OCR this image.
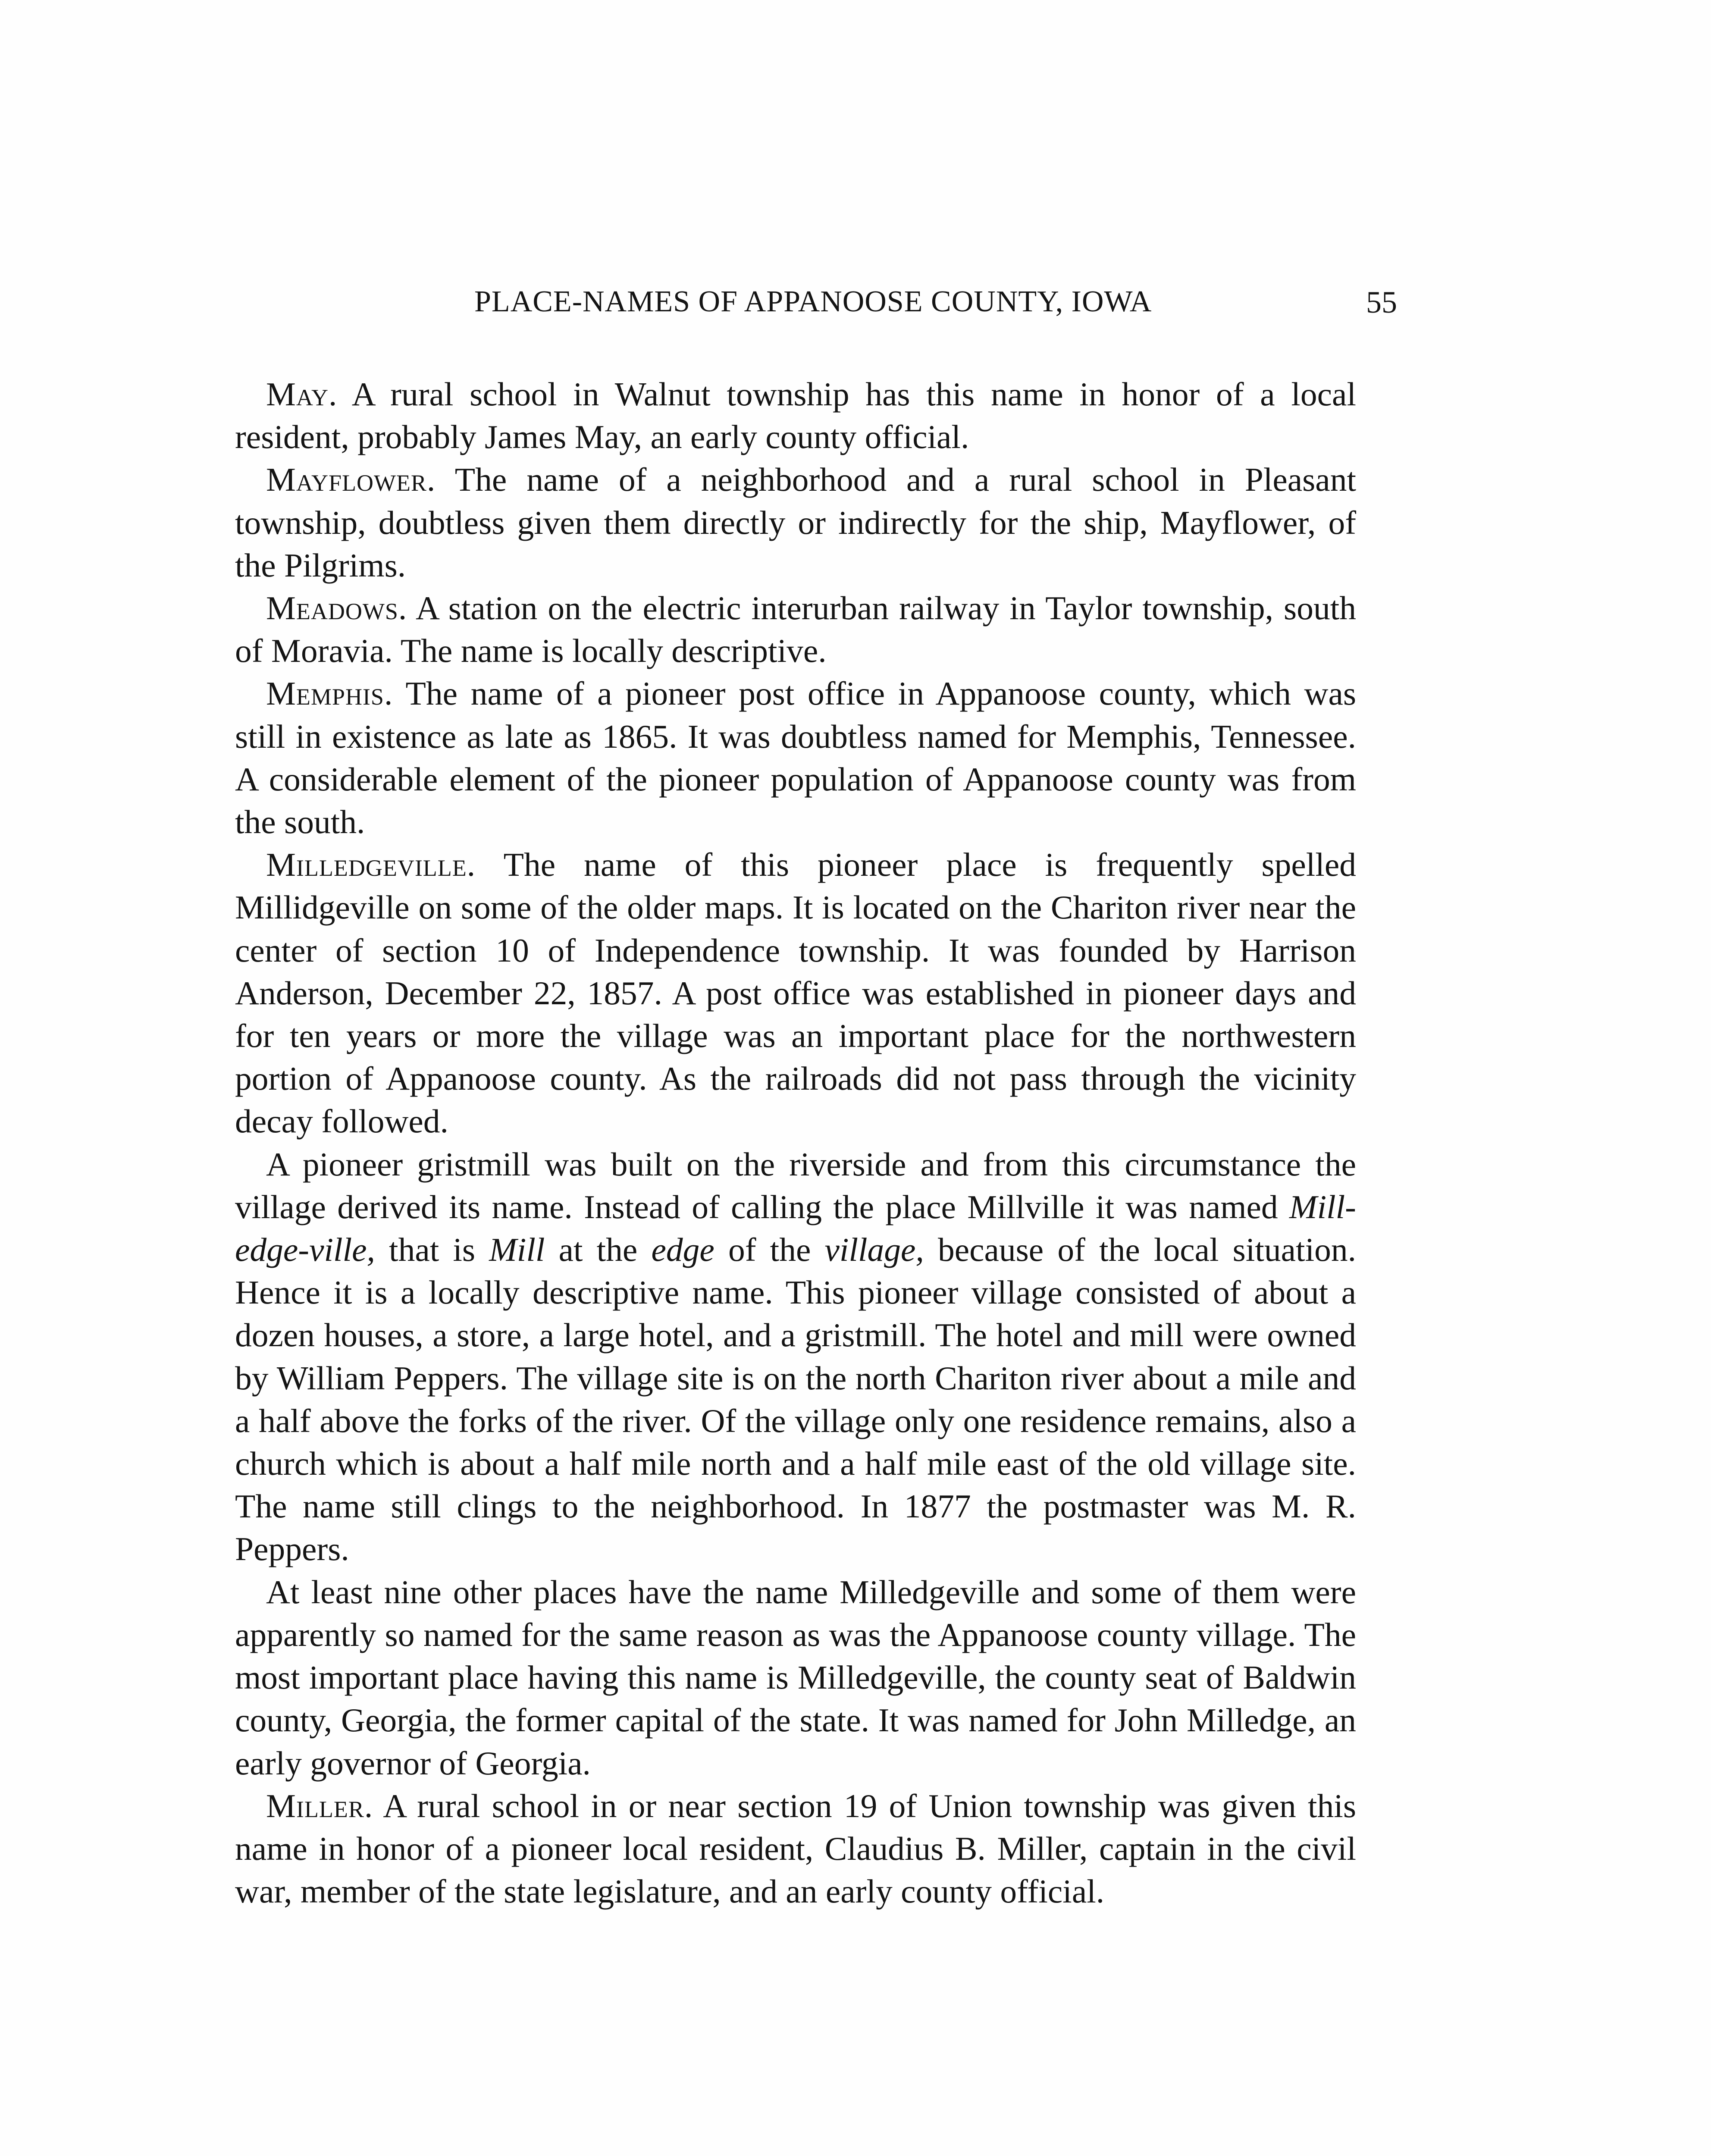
PLACE-NAMES OF APPANOOSE COUNTY, IOWA	55

May. A rural school in Walnut township has this name in honor of a local resident, probably James May, an early county official.

Mayflower. The name of a neighborhood and a rural school in Pleasant township, doubtless given them directly or indirectly for the ship, Mayflower, of the Pilgrims.

Meadows. A station on the electric interurban railway in Taylor township, south of Moravia. The name is locally descriptive.

Memphis. The name of a pioneer post office in Appanoose county, which was still in existence as late as 1865. It was doubtless named for Memphis, Tennessee. A considerable element of the pioneer population of Appanoose county was from the south.

Milledgeville. The name of this pioneer place is frequently spelled Millidgeville on some of the older maps. It is located on the Chariton river near the center of section 10 of Independence township. It was founded by Harrison Anderson, December 22, 1857. A post office was established in pioneer days and for ten years or more the village was an important place for the northwestern portion of Appanoose county. As the railroads did not pass through the vicinity decay followed.

A pioneer gristmill was built on the riverside and from this circumstance the village derived its name. Instead of calling the place Millville it was named Mill-edge-ville, that is Mill at the edge of the village, because of the local situation. Hence it is a locally descriptive name. This pioneer village consisted of about a dozen houses, a store, a large hotel, and a gristmill. The hotel and mill were owned by William Peppers. The village site is on the north Chariton river about a mile and a half above the forks of the river. Of the village only one residence remains, also a church which is about a half mile north and a half mile east of the old village site. The name still clings to the neighborhood. In 1877 the postmaster was M. R. Peppers.

At least nine other places have the name Milledgeville and some of them were apparently so named for the same reason as was the Appanoose county village. The most important place having this name is Milledgeville, the county seat of Baldwin county, Georgia, the former capital of the state. It was named for John Milledge, an early governor of Georgia.

Miller. A rural school in or near section 19 of Union township was given this name in honor of a pioneer local resident, Claudius B. Miller, captain in the civil war, member of the state legislature, and an early county official.
